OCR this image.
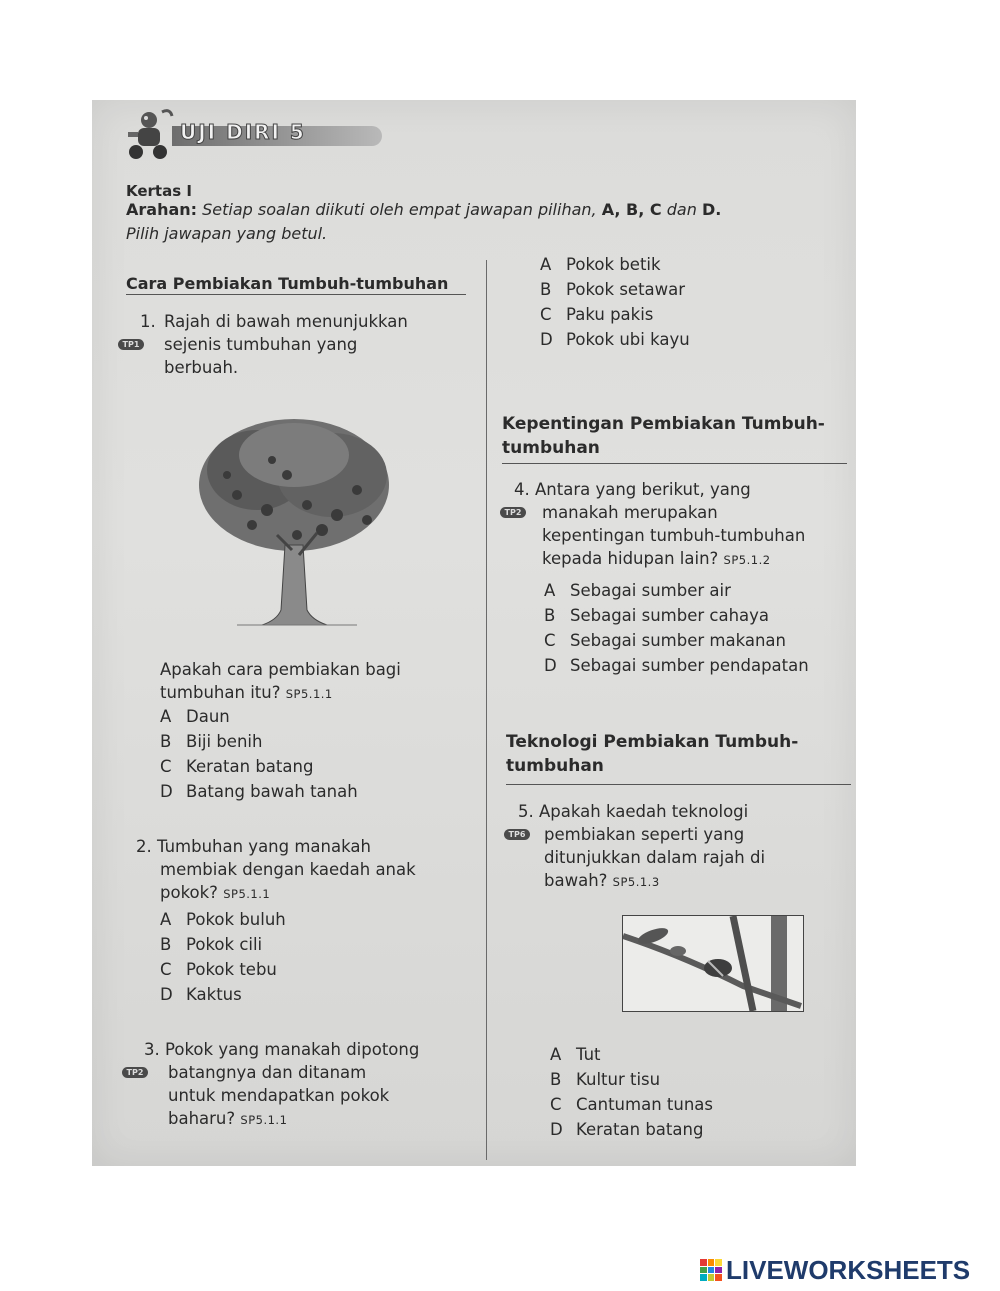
UJI DIRI 5
Kertas I
Arahan: Setiap soalan diikuti oleh empat jawapan pilihan, A, B, C dan D.
Pilih jawapan yang betul.
Cara Pembiakan Tumbuh-tumbuhan
1. Rajah di bawah menunjukkan

TP1 sejenis tumbuhan yang

berbuah.
Apakah cara pembiakan bagi
tumbuhan itu? SP5.1.1
A Daun
B Biji benih
C Keratan batang
D Batang bawah tanah
2. Tumbuhan yang manakah
membiak dengan kaedah anak
pokok? SP5.1.1
A Pokok buluh
B Pokok cili
C Pokok tebu
D Kaktus
3. Pokok yang manakah dipotong
TP2 batangnya dan ditanam
untuk mendapatkan pokok
baharu? SP5.1.1
A Pokok betik
B Pokok setawar
C Paku pakis
D Pokok ubi kayu
Kepentingan Pembiakan Tumbuh-
tumbuhan
4. Antara yang berikut, yang
TP2 manakah merupakan
kepentingan tumbuh-tumbuhan
kepada hidupan lain? SP5.1.2
A Sebagai sumber air
B Sebagai sumber cahaya
C Sebagai sumber makanan
D Sebagai sumber pendapatan
Teknologi Pembiakan Tumbuh-
tumbuhan
5. Apakah kaedah teknologi
TP6 pembiakan seperti yang
ditunjukkan dalam rajah di
bawah? SP5.1.3
A Tut
B Kultur tisu
C Cantuman tunas
D Keratan batang
LIVEWORKSHEETS
